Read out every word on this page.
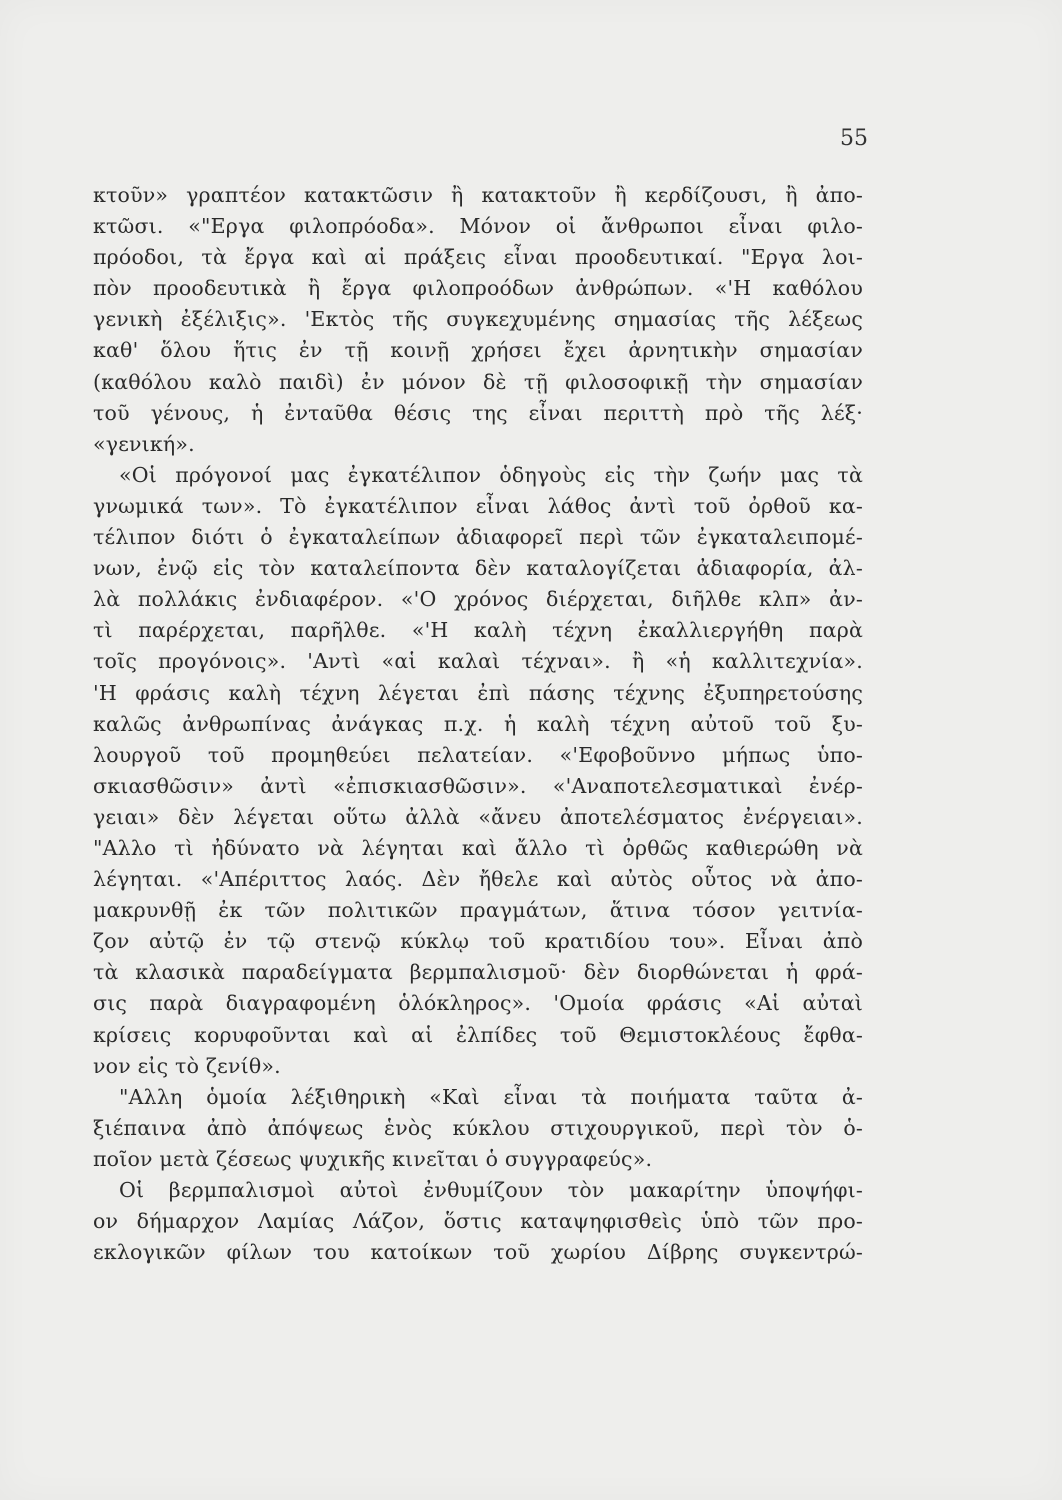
55
κτοῦν» γραπτέον κατακτῶσιν ἢ κατακτοῦν ἢ κερδίζουσι, ἢ ἀπο-
κτῶσι. «"Εργα φιλοπρόοδα». Μόνον οἱ ἄνθρωποι εἶναι φιλο-
πρόοδοι, τὰ ἔργα καὶ αἱ πράξεις εἶναι προοδευτικαί. "Εργα λοι-
πὸν προοδευτικὰ ἢ ἔργα φιλοπροόδων ἀνθρώπων. «'Η καθόλου
γενικὴ ἐξέλιξις». 'Εκτὸς τῆς συγκεχυμένης σημασίας τῆς λέξεως
καθ' ὅλου ἥτις ἐν τῇ κοινῇ χρήσει ἔχει ἀρνητικὴν σημασίαν
(καθόλου καλὸ παιδὶ) ἐν μόνον δὲ τῇ φιλοσοφικῇ τὴν σημασίαν
τοῦ γένους, ἡ ἐνταῦθα θέσις της εἶναι περιττὴ πρὸ τῆς λέξ·
«γενική».
«Οἱ πρόγονοί μας ἐγκατέλιπον ὁδηγοὺς εἰς τὴν ζωήν μας τὰ
γνωμικά των». Τὸ ἐγκατέλιπον εἶναι λάθος ἀντὶ τοῦ ὀρθοῦ κα-
τέλιπον διότι ὁ ἐγκαταλείπων ἀδιαφορεῖ περὶ τῶν ἐγκαταλειπομέ-
νων, ἐνῷ εἰς τὸν καταλείποντα δὲν καταλογίζεται ἀδιαφορία, ἀλ-
λὰ πολλάκις ἐνδιαφέρον. «'Ο χρόνος διέρχεται, διῆλθε κλπ» ἀν-
τὶ παρέρχεται, παρῆλθε. «'Η καλὴ τέχνη ἐκαλλιεργήθη παρὰ
τοῖς προγόνοις». 'Αντὶ «αἱ καλαὶ τέχναι». ἢ «ἡ καλλιτεχνία».
'Η φράσις καλὴ τέχνη λέγεται ἐπὶ πάσης τέχνης ἐξυπηρετούσης
καλῶς ἀνθρωπίνας ἀνάγκας π.χ. ἡ καλὴ τέχνη αὐτοῦ τοῦ ξυ-
λουργοῦ τοῦ προμηθεύει πελατείαν. «'Εφοβοῦννο μήπως ὑπο-
σκιασθῶσιν» ἀντὶ «ἐπισκιασθῶσιν». «'Αναποτελεσματικαὶ ἐνέρ-
γειαι» δὲν λέγεται οὕτω ἀλλὰ «ἄνευ ἀποτελέσματος ἐνέργειαι».
"Αλλο τὶ ἠδύνατο νὰ λέγηται καὶ ἄλλο τὶ ὀρθῶς καθιερώθη νὰ
λέγηται. «'Απέριττος λαός. Δὲν ἤθελε καὶ αὐτὸς οὗτος νὰ ἀπο-
μακρυνθῇ ἐκ τῶν πολιτικῶν πραγμάτων, ἅτινα τόσον γειτνία-
ζον αὐτῷ ἐν τῷ στενῷ κύκλῳ τοῦ κρατιδίου του». Εἶναι ἀπὸ
τὰ κλασικὰ παραδείγματα βερμπαλισμοῦ· δὲν διορθώνεται ἡ φρά-
σις παρὰ διαγραφομένη ὁλόκληρος». 'Ομοία φράσις «Αἱ αὐταὶ
κρίσεις κορυφοῦνται καὶ αἱ ἐλπίδες τοῦ Θεμιστοκλέους ἔφθα-
νον εἰς τὸ ζενίθ».
"Αλλη ὁμοία λέξιθηρικὴ «Καὶ εἶναι τὰ ποιήματα ταῦτα ἀ-
ξιέπαινα ἀπὸ ἀπόψεως ἑνὸς κύκλου στιχουργικοῦ, περὶ τὸν ὁ-
ποῖον μετὰ ζέσεως ψυχικῆς κινεῖται ὁ συγγραφεύς».
Οἱ βερμπαλισμοὶ αὐτοὶ ἐνθυμίζουν τὸν μακαρίτην ὑποψήφι-
ον δήμαρχον Λαμίας Λάζον, ὅστις καταψηφισθεὶς ὑπὸ τῶν προ-
εκλογικῶν φίλων του κατοίκων τοῦ χωρίου Δίβρης συγκεντρώ-
